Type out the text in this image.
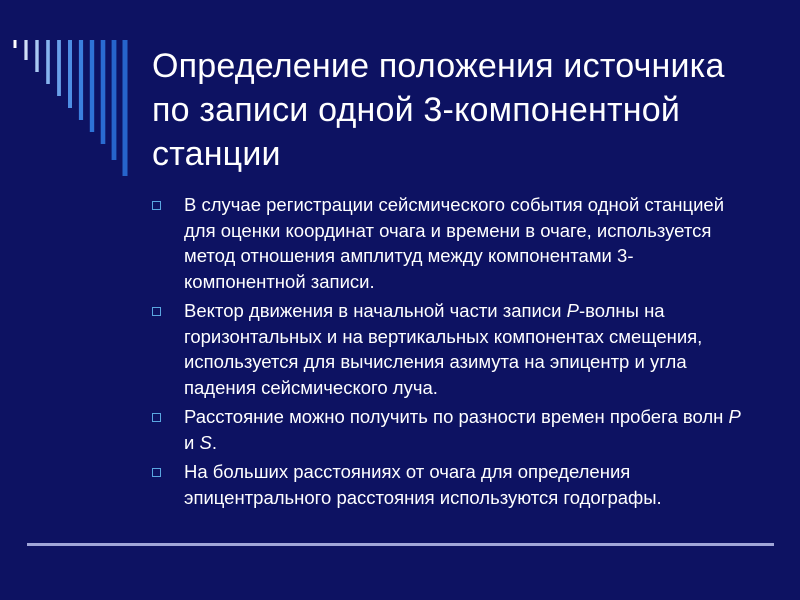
Определение положения источника по записи одной 3-компонентной станции
В случае регистрации сейсмического события одной станцией для оценки координат очага и времени в очаге, используется метод отношения амплитуд между компонентами 3-компонентной записи.
Вектор движения в начальной части записи P-волны на горизонтальных и на вертикальных компонентах смещения, используется для вычисления азимута на эпицентр и угла падения сейсмического луча.
Расстояние можно получить по разности времен пробега волн P и S.
На больших расстояниях от очага для определения эпицентрального расстояния используются годографы.
